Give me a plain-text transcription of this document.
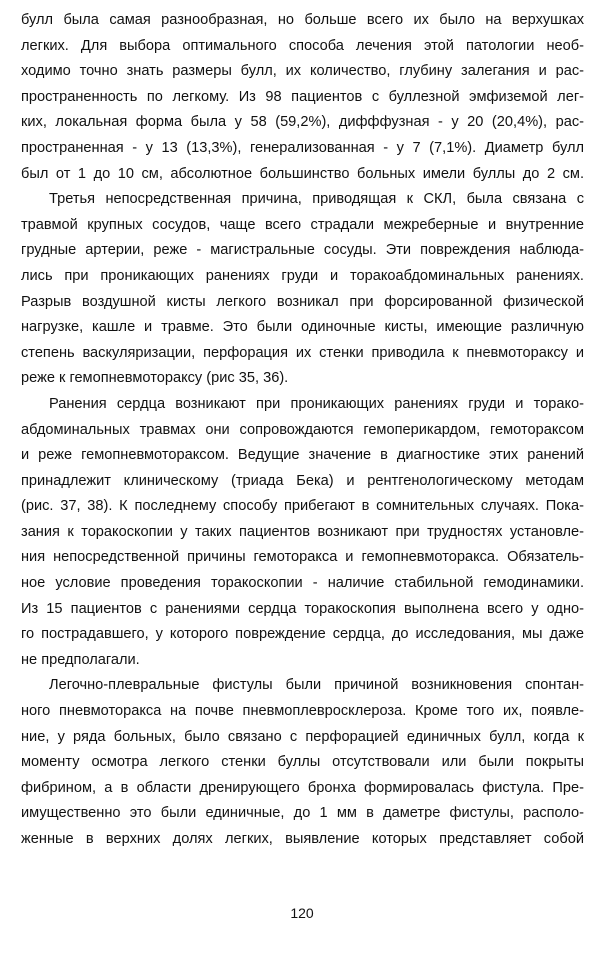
булл была самая разнообразная, но больше всего их было на верхушках
легких. Для выбора оптимального способа лечения этой патологии необ-
ходимо точно знать размеры булл, их количество, глубину залегания и рас-
пространенность по легкому. Из 98 пациентов с буллезной эмфиземой лег-
ких, локальная форма была у 58 (59,2%), дифффузная - у 20 (20,4%), рас-
пространенная - у 13 (13,3%), генерализованная - у 7 (7,1%). Диаметр булл
был от 1 до 10 см, абсолютное большинство больных имели буллы до 2 см.
Третья непосредственная причина, приводящая к СКЛ, была связана с
травмой крупных сосудов, чаще всего страдали межреберные и внутренние
грудные артерии, реже - магистральные сосуды. Эти повреждения наблюда-
лись при проникающих ранениях груди и торакоабдоминальных ранениях.
Разрыв воздушной кисты легкого возникал при форсированной физической
нагрузке, кашле и травме. Это были одиночные кисты, имеющие различную
степень васкуляризации, перфорация их стенки приводила к пневмотораксу и
реже к гемопневмотораксу (рис 35, 36).
Ранения сердца возникают при проникающих ранениях груди и торако-
абдоминальных травмах они сопровождаются гемоперикардом, гемотораксом
и реже гемопневмотораксом. Ведущие значение в диагностике этих ранений
принадлежит клиническому (триада Бека) и рентгенологическому методам
(рис. 37, 38). К последнему способу прибегают в сомнительных случаях. Пока-
зания к торакоскопии у таких пациентов возникают при трудностях установле-
ния непосредственной причины гемоторакса и гемопневмоторакса. Обязатель-
ное условие проведения торакоскопии - наличие стабильной гемодинамики.
Из 15 пациентов с ранениями сердца торакоскопия выполнена всего у одно-
го пострадавшего, у которого повреждение сердца, до исследования, мы даже
не предполагали.
Легочно-плевральные фистулы были причиной возникновения спонтан-
ного пневмоторакса на почве пневмоплевросклероза. Кроме того их, появле-
ние, у ряда больных, было связано с перфорацией единичных булл, когда к
моменту осмотра легкого стенки буллы отсутствовали или были покрыты
фибрином, а в области дренирующего бронха формировалась фистула. Пре-
имущественно это были единичные, до 1 мм в даметре фистулы, располо-
женные в верхних долях легких, выявление которых представляет собой
120
